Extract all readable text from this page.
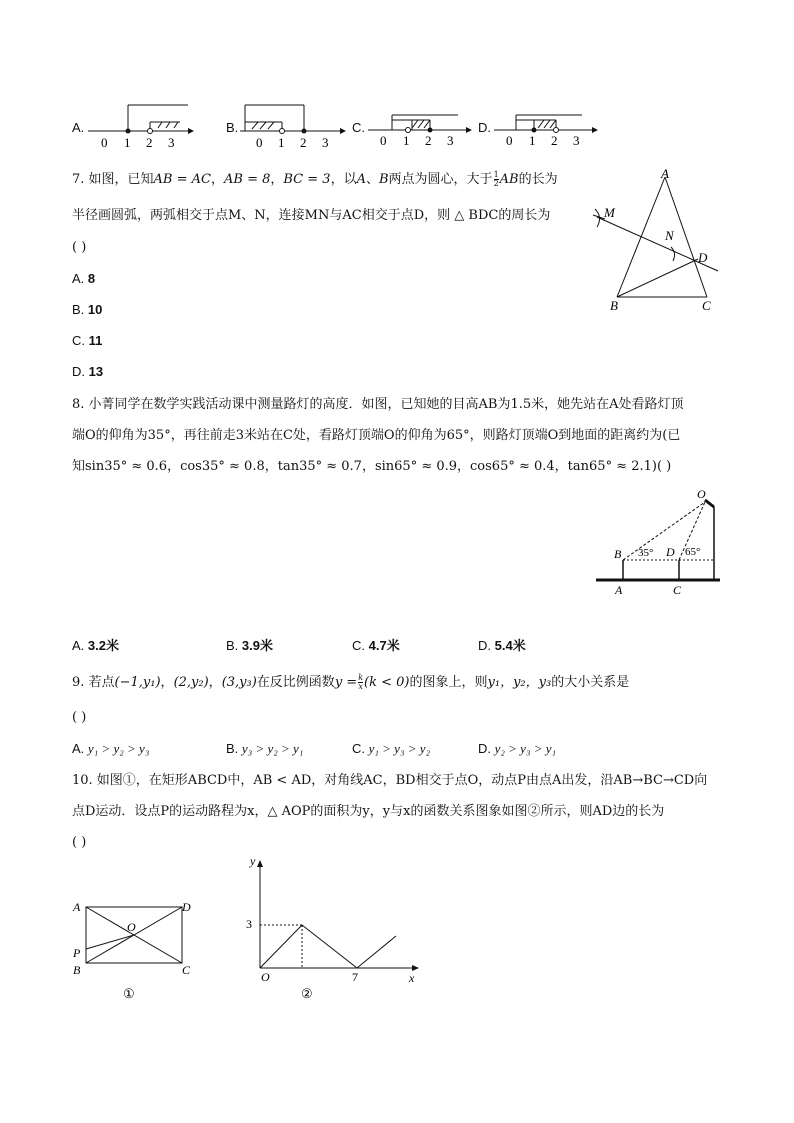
A.
0 1 2 3
B.
0 1 2 3
C.
0 1 2 3
D.
0 1 2 3
7. 如图，已知AB = AC，AB = 8，BC = 3，以A、B两点为圆心，大于 $\frac{1}{2}$ AB的长为
半径画圆弧，两弧相交于点M、N，连接MN与AC相交于点D，则 △ BDC的周长为
( )
A. 8
B. 10
C. 11
D. 13
A
B	C
D
M
N
8. 小菁同学在数学实践活动课中测量路灯的高度．如图，已知她的目高AB为1.5米，她先站在A处看路灯顶
端O的仰角为35°，再往前走3米站在C处，看路灯顶端O的仰角为65°，则路灯顶端O到地面的距离约为(已
知sin35° ≈ 0.6，cos35° ≈ 0.8，tan35° ≈ 0.7，sin65° ≈ 0.9，cos65° ≈ 0.4，tan65° ≈ 2.1)( )
O
B	D
A	C
35°	65°
A. 3.2米	B. 3.9米	C. 4.7米	D. 5.4米
9. 若点(−1,y₁)，(2,y₂)，(3,y₃)在反比例函数$y = \frac{k}{x} (k < 0)$的图象上，则y₁，y₂，y₃的大小关系是
( )
A. y₁ > y₂ > y₃	B. y₃ > y₂ > y₁	C. y₁ > y₃ > y₂	D. y₂ > y₃ > y₁
10. 如图①，在矩形ABCD中，AB < AD，对角线AC，BD相交于点O，动点P由点A出发，沿AB→BC→CD向
点D运动．设点P的运动路程为x，△ AOP的面积为y，y与x的函数关系图象如图②所示，则AD边的长为
( )
A	D
O
P
B	C
①
y
x
O
3
7
②
